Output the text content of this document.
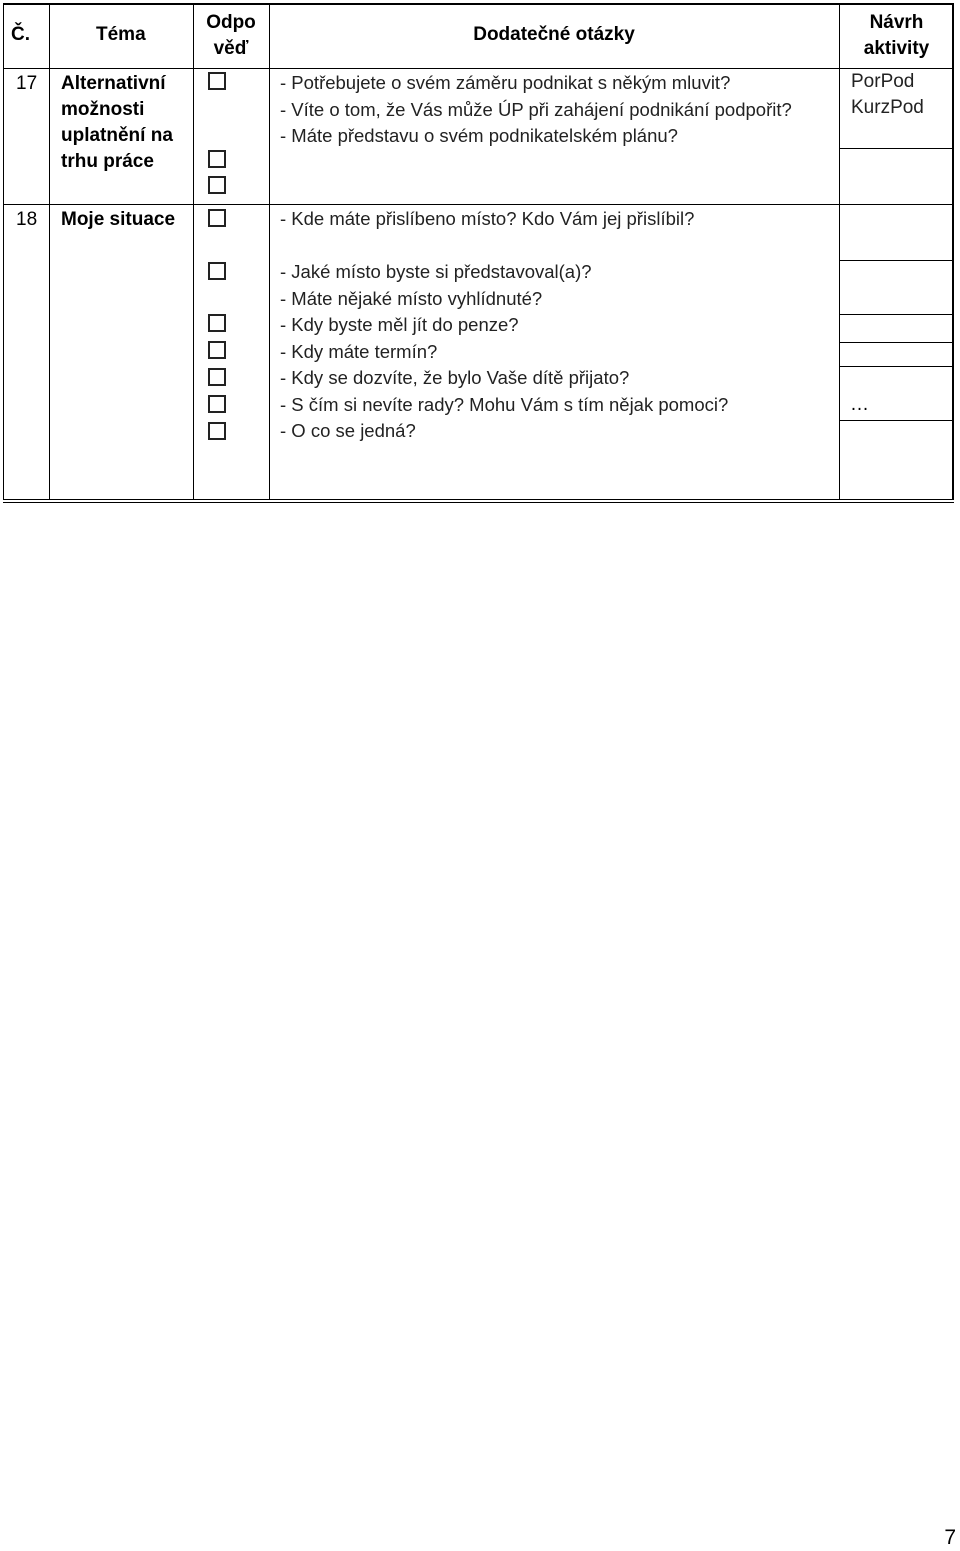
Č.	Téma
Odpo
věď
Dodatečné otázky
Návrh
aktivity
17 Alternativní
možnosti
uplatnění na
trhu práce
- Potřebujete o svém záměru podnikat s někým mluvit?
- Víte o tom, že Vás může ÚP při zahájení podnikání podpořit?
- Máte představu o svém podnikatelském plánu?
PorPod
KurzPod
18 Moje situace	- Kde máte přislíbeno místo? Kdo Vám jej přislíbil?
- Jaké místo byste si představoval(a)?
- Máte nějaké místo vyhlídnuté?
- Kdy byste měl jít do penze?
- Kdy máte termín?
- Kdy se dozvíte, že bylo Vaše dítě přijato?
- S čím si nevíte rady? Mohu Vám s tím nějak pomoci?
- O co se jedná?
…
7
